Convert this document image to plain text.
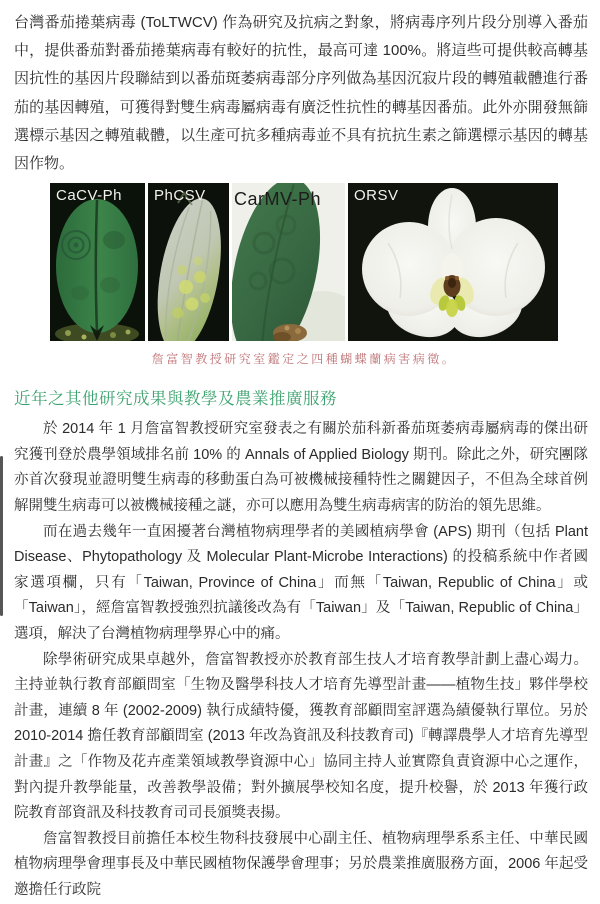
台灣番茄捲葉病毒 (ToLTWCV) 作為研究及抗病之對象，將病毒序列片段分別導入番茄中，提供番茄對番茄捲葉病毒有較好的抗性，最高可達 100%。將這些可提供較高轉基因抗性的基因片段聯結到以番茄斑萎病毒部分序列做為基因沉寂片段的轉殖載體進行番茄的基因轉殖，可獲得對雙生病毒屬病毒有廣泛性抗性的轉基因番茄。此外亦開發無篩選標示基因之轉殖載體，以生產可抗多種病毒並不具有抗抗生素之篩選標示基因的轉基因作物。

CaCV-Ph PhCSV CarMV-Ph ORSV
詹富智教授研究室鑑定之四種蝴蝶蘭病害病徵。
近年之其他研究成果與教學及農業推廣服務

於 2014 年 1 月詹富智教授研究室發表之有關於茄科新番茄斑萎病毒屬病毒的傑出研究獲刊登於農學領域排名前 10% 的 Annals of Applied Biology 期刊。除此之外，研究團隊亦首次發現並證明雙生病毒的移動蛋白為可被機械接種特性之關鍵因子，不但為全球首例解開雙生病毒可以被機械接種之謎，亦可以應用為雙生病毒病害的防治的領先思維。

而在過去幾年一直困擾著台灣植物病理學者的美國植病學會 (APS) 期刊（包括 Plant Disease、Phytopathology 及 Molecular Plant-Microbe Interactions) 的投稿系統中作者國家選項欄，只有「Taiwan, Province of China」而無「Taiwan, Republic of China」或「Taiwan」，經詹富智教授強烈抗議後改為有「Taiwan」及「Taiwan, Republic of China」選項，解決了台灣植物病理學界心中的痛。

除學術研究成果卓越外，詹富智教授亦於教育部生技人才培育教學計劃上盡心竭力。主持並執行教育部顧問室「生物及醫學科技人才培育先導型計畫——植物生技」夥伴學校計畫，連續 8 年 (2002-2009) 執行成績特優，獲教育部顧問室評選為績優執行單位。另於 2010-2014 擔任教育部顧問室 (2013 年改為資訊及科技教育司)『轉譯農學人才培育先導型計畫』之「作物及花卉產業領域教學資源中心」協同主持人並實際負責資源中心之運作，對內提升教學能量，改善教學設備；對外擴展學校知名度，提升校譽，於 2013 年獲行政院教育部資訊及科技教育司司長頒獎表揚。

詹富智教授目前擔任本校生物科技發展中心副主任、植物病理學系系主任、中華民國植物病理學會理事長及中華民國植物保護學會理事；另於農業推廣服務方面，2006 年起受邀擔任行政院
